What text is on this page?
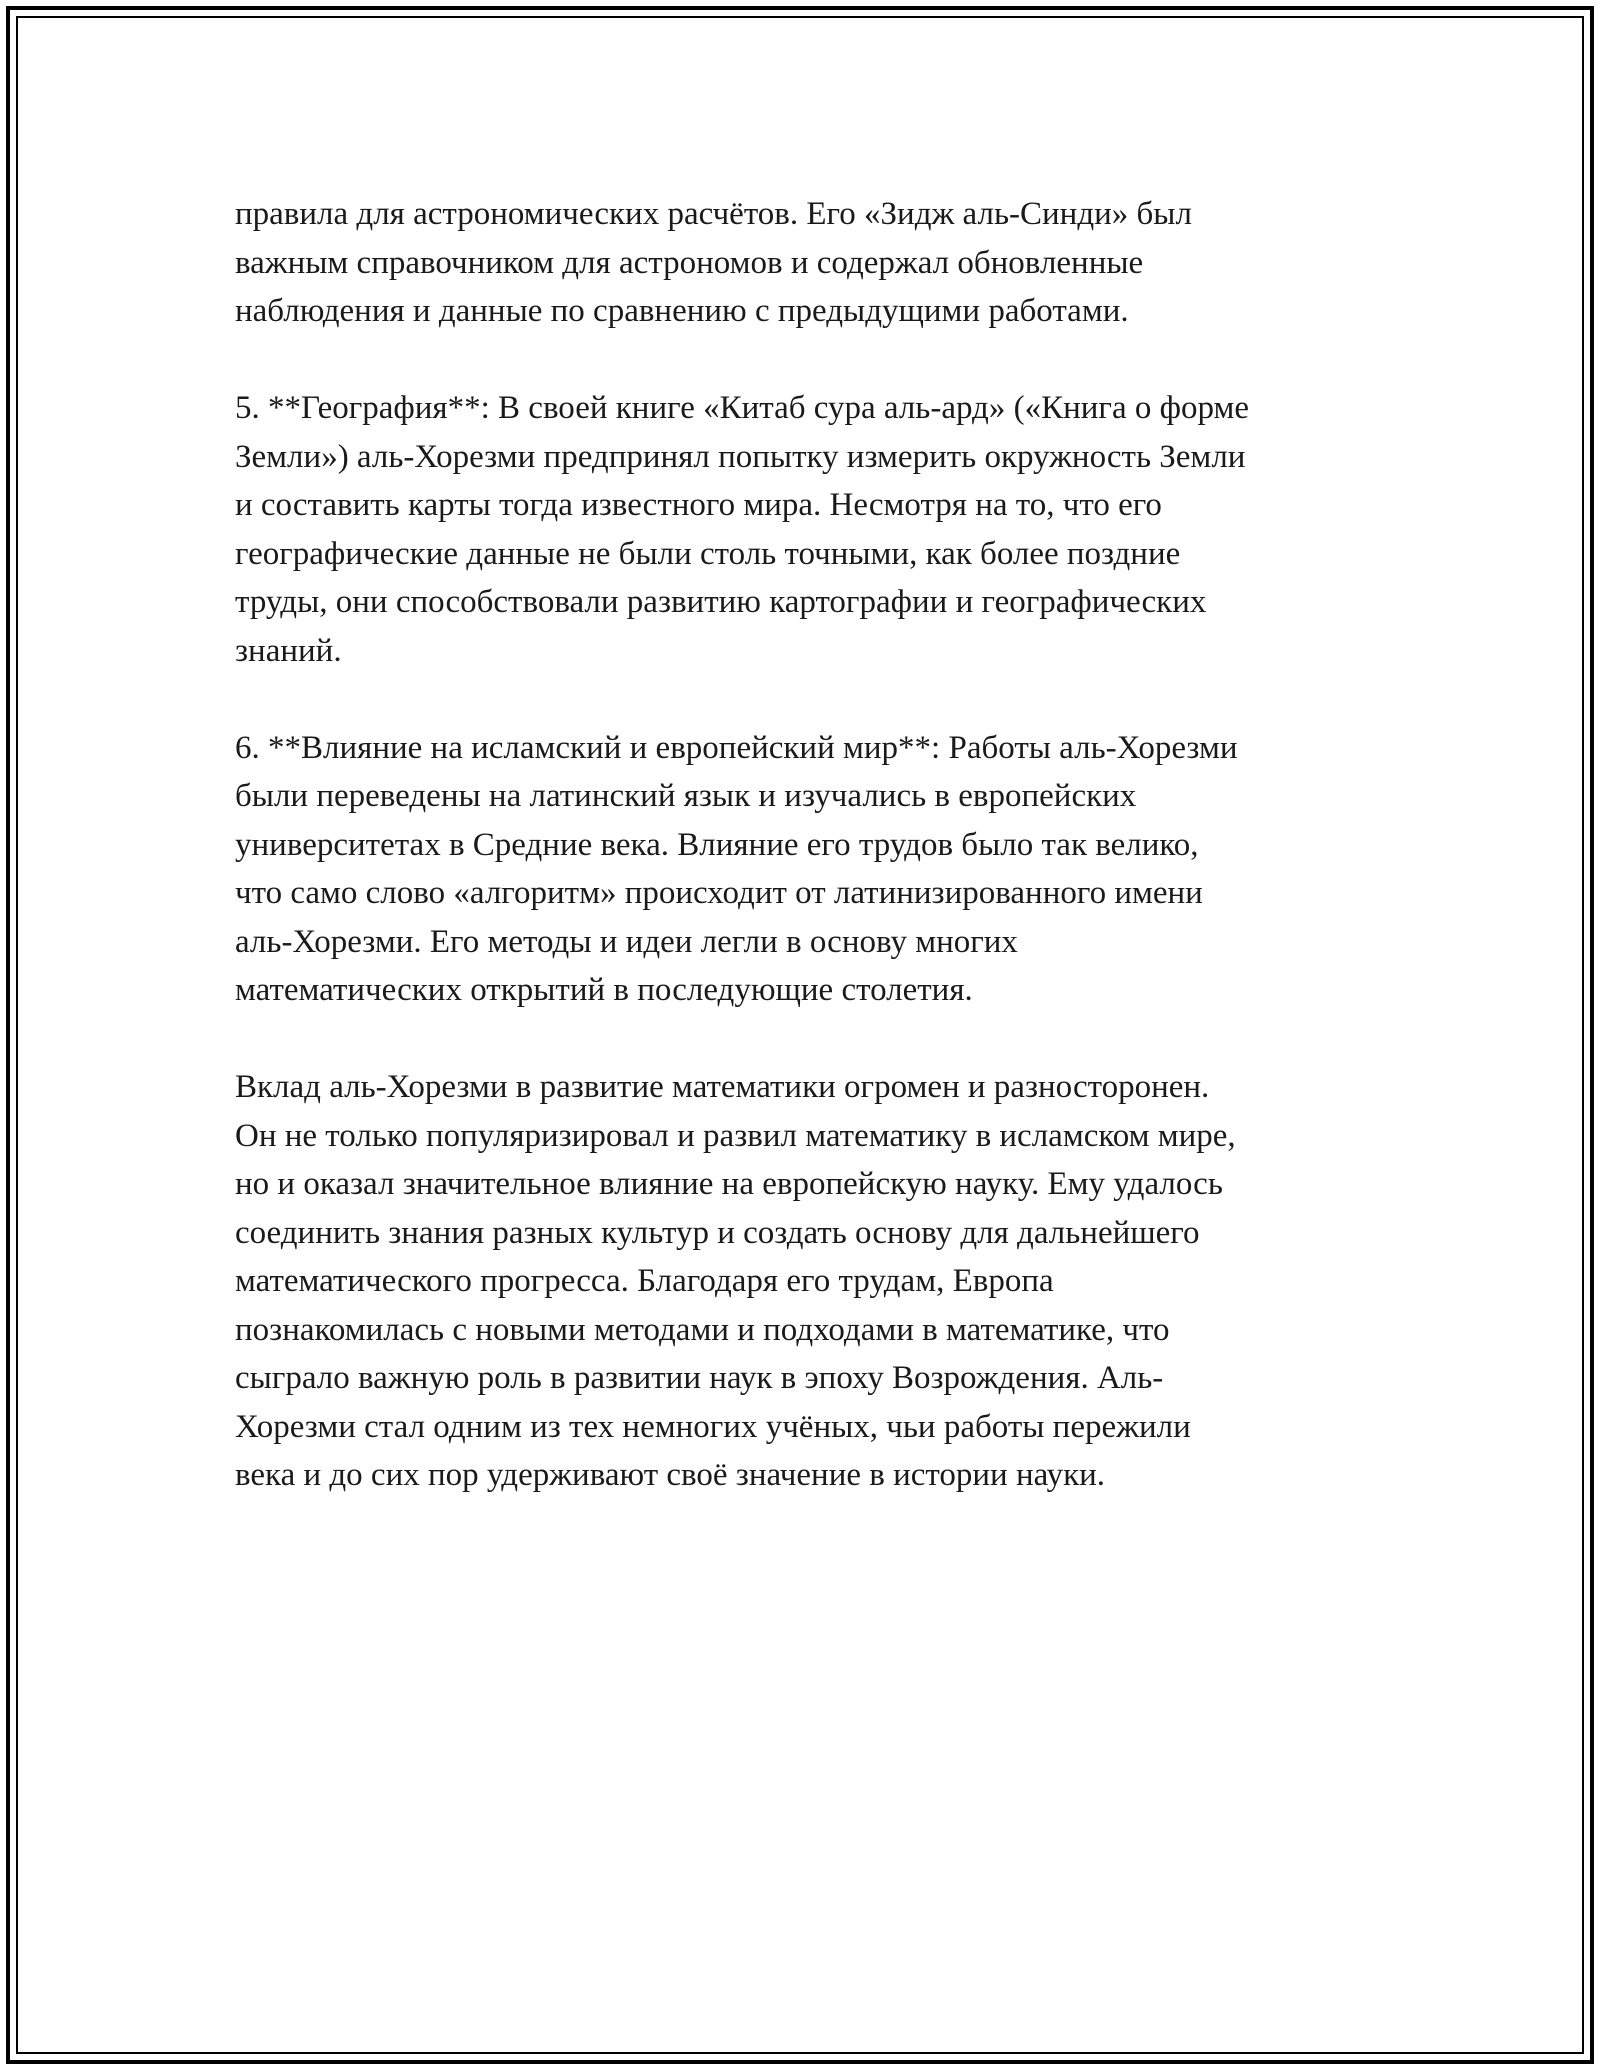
правила для астрономических расчётов. Его «Зидж аль-Синди» был
важным справочником для астрономов и содержал обновленные
наблюдения и данные по сравнению с предыдущими работами.

5. **География**: В своей книге «Китаб сура аль-ард» («Книга о форме
Земли») аль-Хорезми предпринял попытку измерить окружность Земли
и составить карты тогда известного мира. Несмотря на то, что его
географические данные не были столь точными, как более поздние
труды, они способствовали развитию картографии и географических
знаний.

6. **Влияние на исламский и европейский мир**: Работы аль-Хорезми
были переведены на латинский язык и изучались в европейских
университетах в Средние века. Влияние его трудов было так велико,
что само слово «алгоритм» происходит от латинизированного имени
аль-Хорезми. Его методы и идеи легли в основу многих
математических открытий в последующие столетия.

Вклад аль-Хорезми в развитие математики огромен и разносторонен.
Он не только популяризировал и развил математику в исламском мире,
но и оказал значительное влияние на европейскую науку. Ему удалось
соединить знания разных культур и создать основу для дальнейшего
математического прогресса. Благодаря его трудам, Европа
познакомилась с новыми методами и подходами в математике, что
сыграло важную роль в развитии наук в эпоху Возрождения. Аль-
Хорезми стал одним из тех немногих учёных, чьи работы пережили
века и до сих пор удерживают своё значение в истории науки.
